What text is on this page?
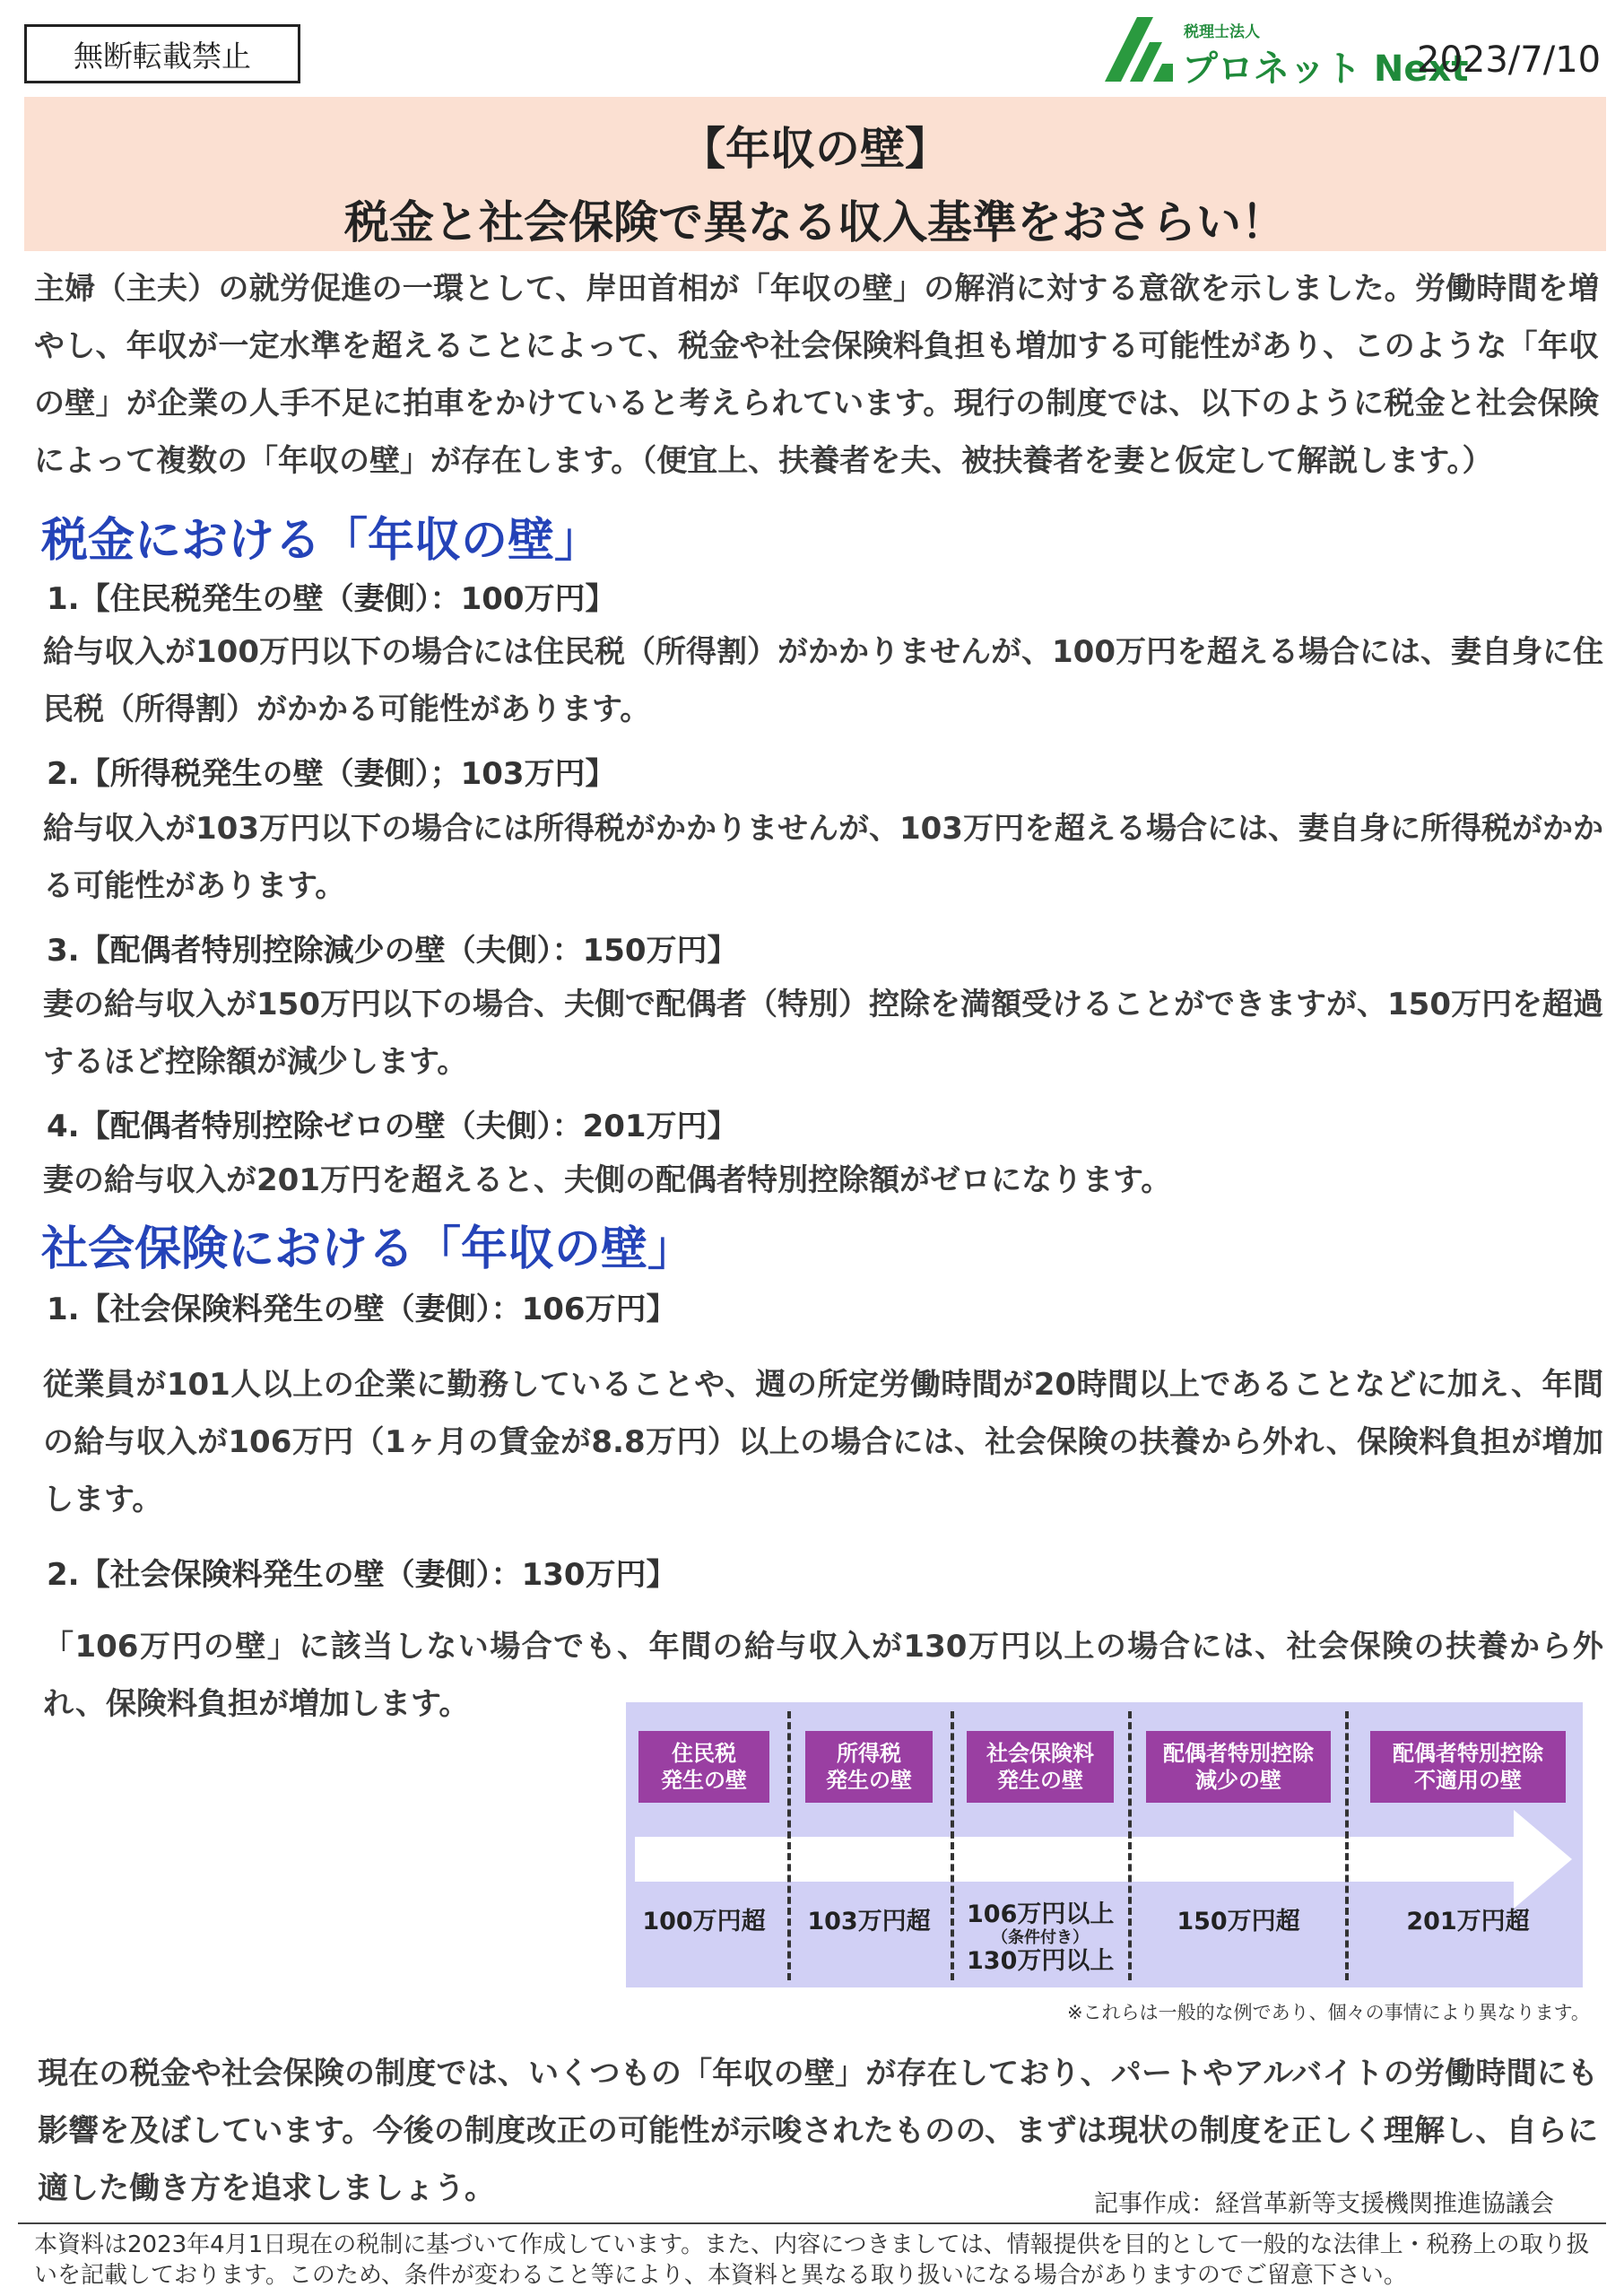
無断転載禁止
税理士法人
プロネット Next
2023/7/10
【年収の壁】
税金と社会保険で異なる収入基準をおさらい！
主婦（主夫）の就労促進の一環として、岸田首相が「年収の壁」の解消に対する意欲を示しました。労働時間を増やし、年収が一定水準を超えることによって、税金や社会保険料負担も増加する可能性があり、このような「年収の壁」が企業の人手不足に拍車をかけていると考えられています。現行の制度では、以下のように税金と社会保険によって複数の「年収の壁」が存在します。（便宜上、扶養者を夫、被扶養者を妻と仮定して解説します。）
税金における「年収の壁」
1.【住民税発生の壁（妻側）：100万円】
給与収入が100万円以下の場合には住民税（所得割）がかかりませんが、100万円を超える場合には、妻自身に住民税（所得割）がかかる可能性があります。
2.【所得税発生の壁（妻側）；103万円】
給与収入が103万円以下の場合には所得税がかかりませんが、103万円を超える場合には、妻自身に所得税がかかる可能性があります。
3.【配偶者特別控除減少の壁（夫側）：150万円】
妻の給与収入が150万円以下の場合、夫側で配偶者（特別）控除を満額受けることができますが、150万円を超過するほど控除額が減少します。
4.【配偶者特別控除ゼロの壁（夫側）：201万円】
妻の給与収入が201万円を超えると、夫側の配偶者特別控除額がゼロになります。
社会保険における「年収の壁」
1.【社会保険料発生の壁（妻側）：106万円】
従業員が101人以上の企業に勤務していることや、週の所定労働時間が20時間以上であることなどに加え、年間の給与収入が106万円（1ヶ月の賃金が8.8万円）以上の場合には、社会保険の扶養から外れ、保険料負担が増加します。
2.【社会保険料発生の壁（妻側）：130万円】
「106万円の壁」に該当しない場合でも、年間の給与収入が130万円以上の場合には、社会保険の扶養から外れ、保険料負担が増加します。
住民税
発生の壁
所得税
発生の壁
社会保険料
発生の壁
配偶者特別控除
減少の壁
配偶者特別控除
不適用の壁
100万円超 103万円超 106万円以上
（条件付き）
130万円以上
150万円超	201万円超
※これらは一般的な例であり、個々の事情により異なります。
現在の税金や社会保険の制度では、いくつもの「年収の壁」が存在しており、パートやアルバイトの労働時間にも影響を及ぼしています。今後の制度改正の可能性が示唆されたものの、まずは現状の制度を正しく理解し、自らに適した働き方を追求しましょう。	記事作成：経営革新等支援機関推進協議会
本資料は2023年4月1日現在の税制に基づいて作成しています。また、内容につきましては、情報提供を目的として一般的な法律上・税務上の取り扱いを記載しております。このため、条件が変わること等により、本資料と異なる取り扱いになる場合がありますのでご留意下さい。
